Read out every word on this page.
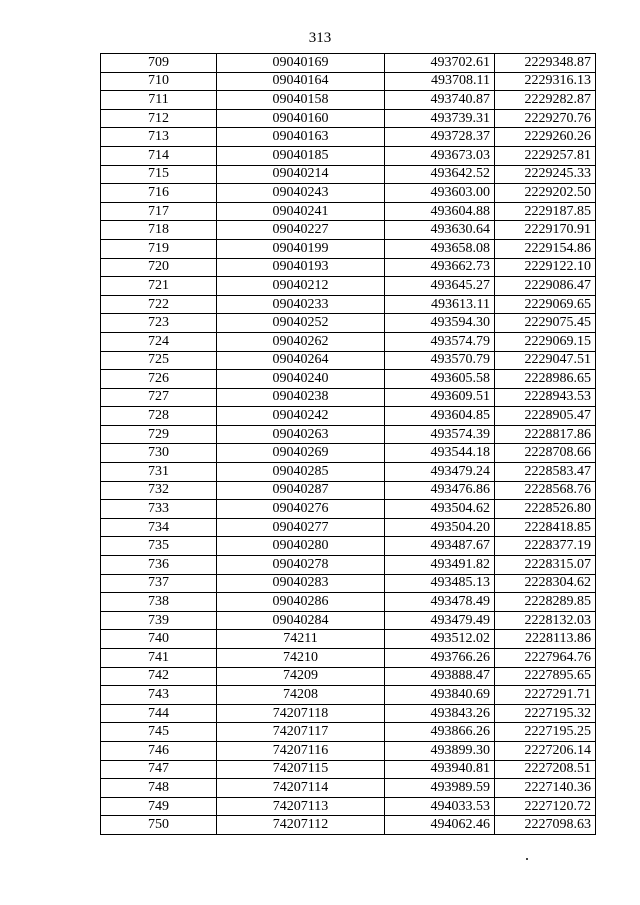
313
709	09040169	493702.61	2229348.87
710	09040164	493708.11	2229316.13
711	09040158	493740.87	2229282.87
712	09040160	493739.31	2229270.76
713	09040163	493728.37	2229260.26
714	09040185	493673.03	2229257.81
715	09040214	493642.52	2229245.33
716	09040243	493603.00	2229202.50
717	09040241	493604.88	2229187.85
718	09040227	493630.64	2229170.91
719	09040199	493658.08	2229154.86
720	09040193	493662.73	2229122.10
721	09040212	493645.27	2229086.47
722	09040233	493613.11	2229069.65
723	09040252	493594.30	2229075.45
724	09040262	493574.79	2229069.15
725	09040264	493570.79	2229047.51
726	09040240	493605.58	2228986.65
727	09040238	493609.51	2228943.53
728	09040242	493604.85	2228905.47
729	09040263	493574.39	2228817.86
730	09040269	493544.18	2228708.66
731	09040285	493479.24	2228583.47
732	09040287	493476.86	2228568.76
733	09040276	493504.62	2228526.80
734	09040277	493504.20	2228418.85
735	09040280	493487.67	2228377.19
736	09040278	493491.82	2228315.07
737	09040283	493485.13	2228304.62
738	09040286	493478.49	2228289.85
739	09040284	493479.49	2228132.03
740	74211	493512.02	2228113.86
741	74210	493766.26	2227964.76
742	74209	493888.47	2227895.65
743	74208	493840.69	2227291.71
744	74207118	493843.26	2227195.32
745	74207117	493866.26	2227195.25
746	74207116	493899.30	2227206.14
747	74207115	493940.81	2227208.51
748	74207114	493989.59	2227140.36
749	74207113	494033.53	2227120.72
750	74207112	494062.46	2227098.63
